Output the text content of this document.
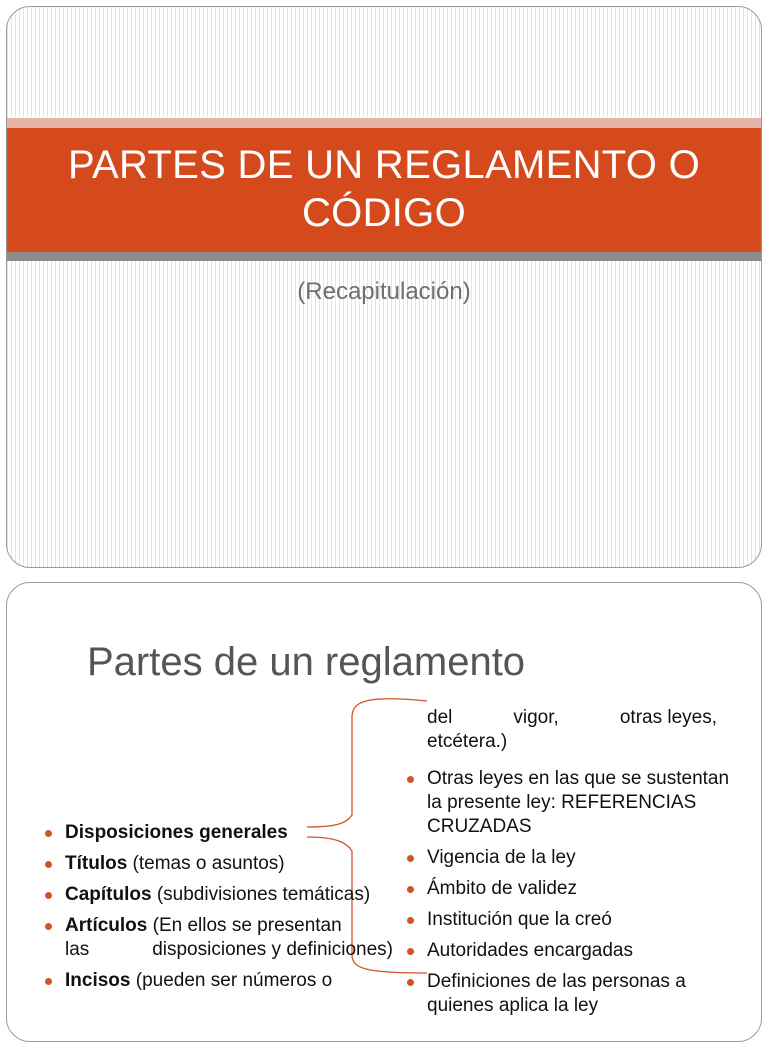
PARTES DE UN REGLAMENTO O
CÓDIGO
(Recapitulación)
Partes de un reglamento
del	vigor,	otras leyes,
etcétera.)
Disposiciones generales
Títulos (temas o asuntos)
Capítulos (subdivisiones temáticas)
Artículos (En ellos se presentan
las	disposiciones y definiciones)
Incisos (pueden ser números o
Otras leyes en las que se sustentan la presente ley: REFERENCIAS CRUZADAS
Vigencia de la ley
Ámbito de validez
Institución que la creó
Autoridades encargadas
Definiciones de las personas a quienes aplica la ley
